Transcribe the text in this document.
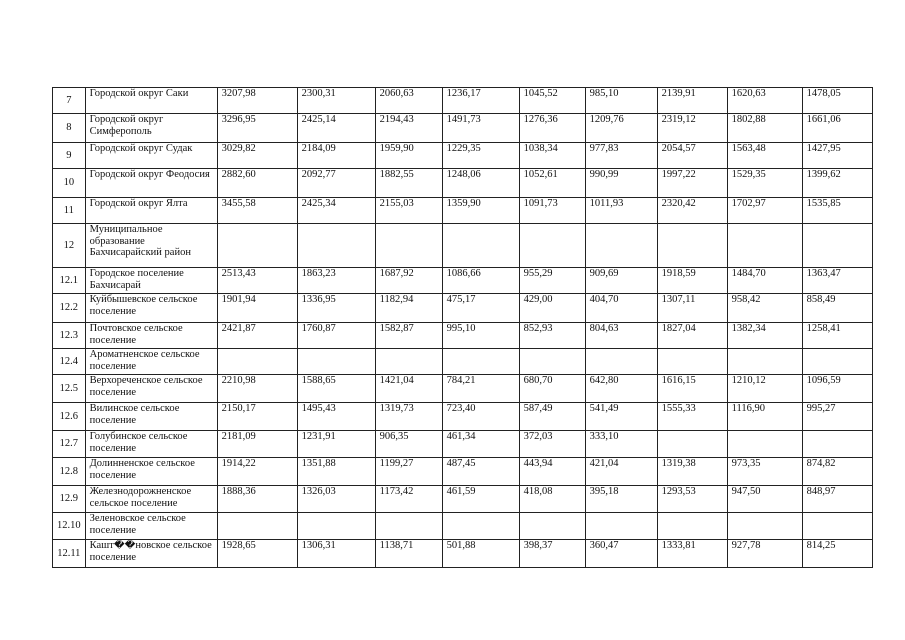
7	Городской округ Саки	3207,98	2300,31	2060,63	1236,17	1045,52	985,10	2139,91	1620,63	1478,05
8	Городской округ Симферополь	3296,95	2425,14	2194,43	1491,73	1276,36	1209,76	2319,12	1802,88	1661,06
9	Городской округ Судак	3029,82	2184,09	1959,90	1229,35	1038,34	977,83	2054,57	1563,48	1427,95
10	Городской округ Феодосия	2882,60	2092,77	1882,55	1248,06	1052,61	990,99	1997,22	1529,35	1399,62
11	Городской округ Ялта	3455,58	2425,34	2155,03	1359,90	1091,73	1011,93	2320,42	1702,97	1535,85
12	Муниципальное образование Бахчисарайский район									
12.1	Городское поселение Бахчисарай	2513,43	1863,23	1687,92	1086,66	955,29	909,69	1918,59	1484,70	1363,47
12.2	Куйбышевское сельское поселение	1901,94	1336,95	1182,94	475,17	429,00	404,70	1307,11	958,42	858,49
12.3	Почтовское сельское поселение	2421,87	1760,87	1582,87	995,10	852,93	804,63	1827,04	1382,34	1258,41
12.4	Ароматненское сельское поселение									
12.5	Верхореченское сельское поселение	2210,98	1588,65	1421,04	784,21	680,70	642,80	1616,15	1210,12	1096,59
12.6	Вилинское сельское поселение	2150,17	1495,43	1319,73	723,40	587,49	541,49	1555,33	1116,90	995,27
12.7	Голубинское сельское поселение	2181,09	1231,91	906,35	461,34	372,03	333,10			
12.8	Долинненское сельское поселение	1914,22	1351,88	1199,27	487,45	443,94	421,04	1319,38	973,35	874,82
12.9	Железнодорожненское сельское поселение	1888,36	1326,03	1173,42	461,59	418,08	395,18	1293,53	947,50	848,97
12.10	Зеленовское сельское поселение									
12.11	Кашт��новское сельское поселение	1928,65	1306,31	1138,71	501,88	398,37	360,47	1333,81	927,78	814,25
